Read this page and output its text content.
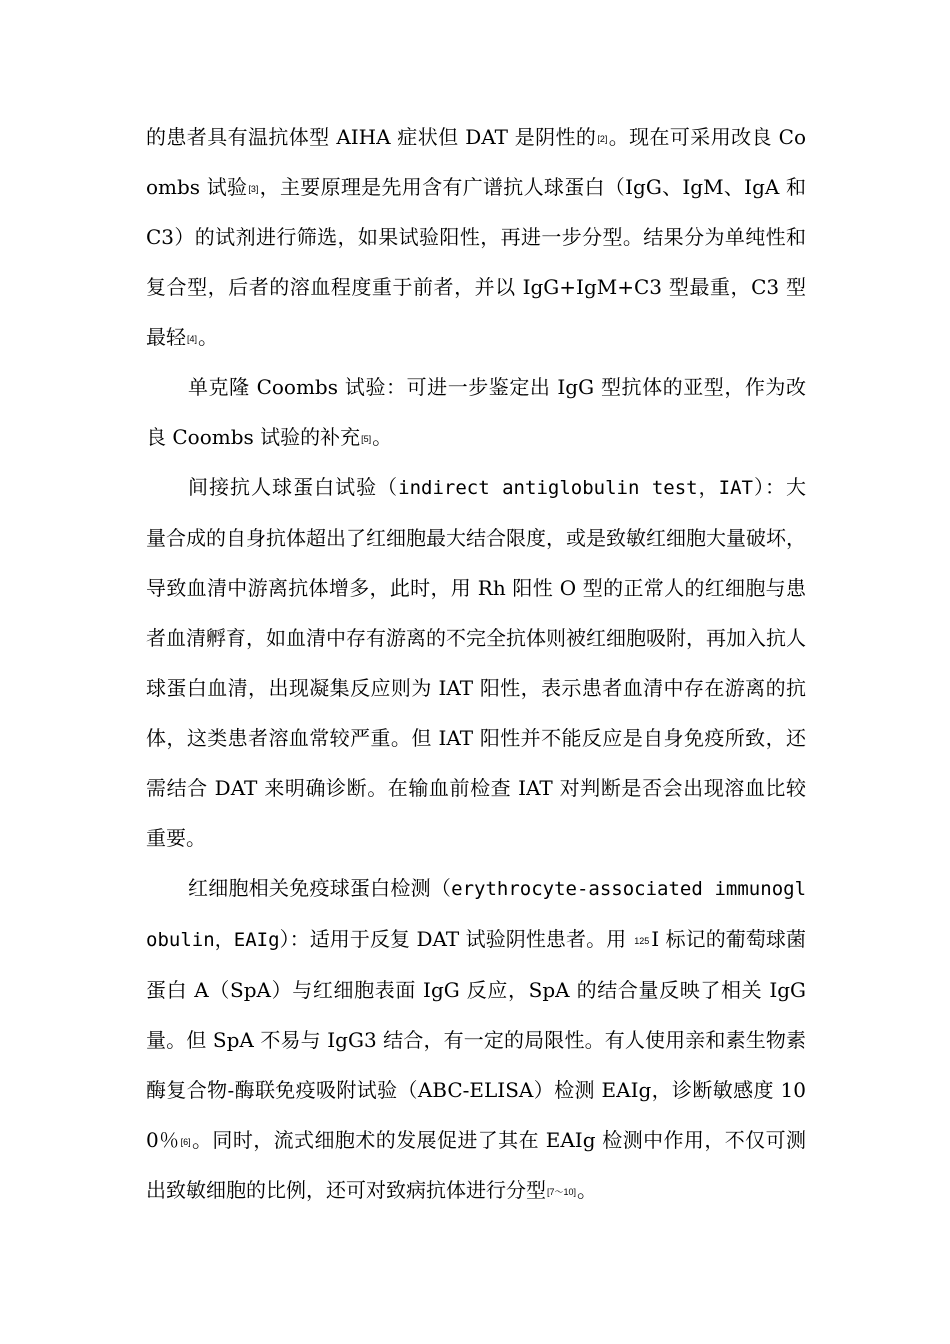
的患者具有温抗体型 AIHA 症状但 DAT 是阴性的[2]。现在可采用改良 Coombs 试验[3]，主要原理是先用含有广谱抗人球蛋白（IgG、IgM、IgA 和 C3）的试剂进行筛选，如果试验阳性，再进一步分型。结果分为单纯性和复合型，后者的溶血程度重于前者，并以 IgG+IgM+C3 型最重，C3 型最轻[4]。

单克隆 Coombs 试验：可进一步鉴定出 IgG 型抗体的亚型，作为改良 Coombs 试验的补充[5]。

间接抗人球蛋白试验（indirect antiglobulin test，IAT）：大量合成的自身抗体超出了红细胞最大结合限度，或是致敏红细胞大量破坏，导致血清中游离抗体增多，此时，用 Rh 阳性 O 型的正常人的红细胞与患者血清孵育，如血清中存有游离的不完全抗体则被红细胞吸附，再加入抗人球蛋白血清，出现凝集反应则为 IAT 阳性，表示患者血清中存在游离的抗体，这类患者溶血常较严重。但 IAT 阳性并不能反应是自身免疫所致，还需结合 DAT 来明确诊断。在输血前检查 IAT 对判断是否会出现溶血比较重要。

红细胞相关免疫球蛋白检测（erythrocyte-associated immunoglobulin，EAIg）：适用于反复 DAT 试验阴性患者。用 $^{125}$ I 标记的葡萄球菌蛋白 A（SpA）与红细胞表面 IgG 反应，SpA 的结合量反映了相关 IgG 量。但 SpA 不易与 IgG3 结合，有一定的局限性。有人使用亲和素生物素酶复合物-酶联免疫吸附试验（ABC-ELISA）检测 EAIg，诊断敏感度 100％[6]。同时，流式细胞术的发展促进了其在 EAIg 检测中作用，不仅可测出致敏细胞的比例，还可对致病抗体进行分型[7～10]。
